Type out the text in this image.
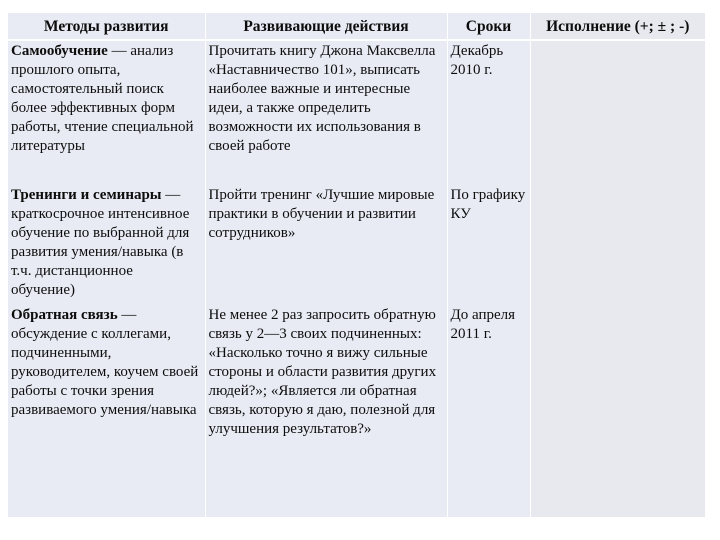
Методы развития	Развивающие действия	Сроки	Исполнение (+; ± ; -)
Самообучение — анализ прошлого опыта, самостоятельный поиск более эффективных форм работы, чтение специальной литературы	Прочитать книгу Джона Максвелла «Наставничество 101», выписать наиболее важные и интересные идеи, а также определить возможности их использования в своей работе	Декабрь 2010 г.	
Тренинги и семинары — краткосрочное интенсивное обучение по выбранной для развития умения/навыка (в т.ч. дистанционное обучение)	Пройти тренинг «Лучшие мировые практики в обучении и развитии сотрудников»	По графику КУ	
Обратная связь — обсуждение с коллегами, подчиненными, руководителем, коучем своей работы с точки зрения развиваемого умения/навыка	Не менее 2 раз запросить обратную связь у 2—3 своих подчиненных: «Насколько точно я вижу сильные стороны и области развития других людей?»; «Является ли обратная связь, которую я даю, полезной для улучшения результатов?»	До апреля 2011 г.	
